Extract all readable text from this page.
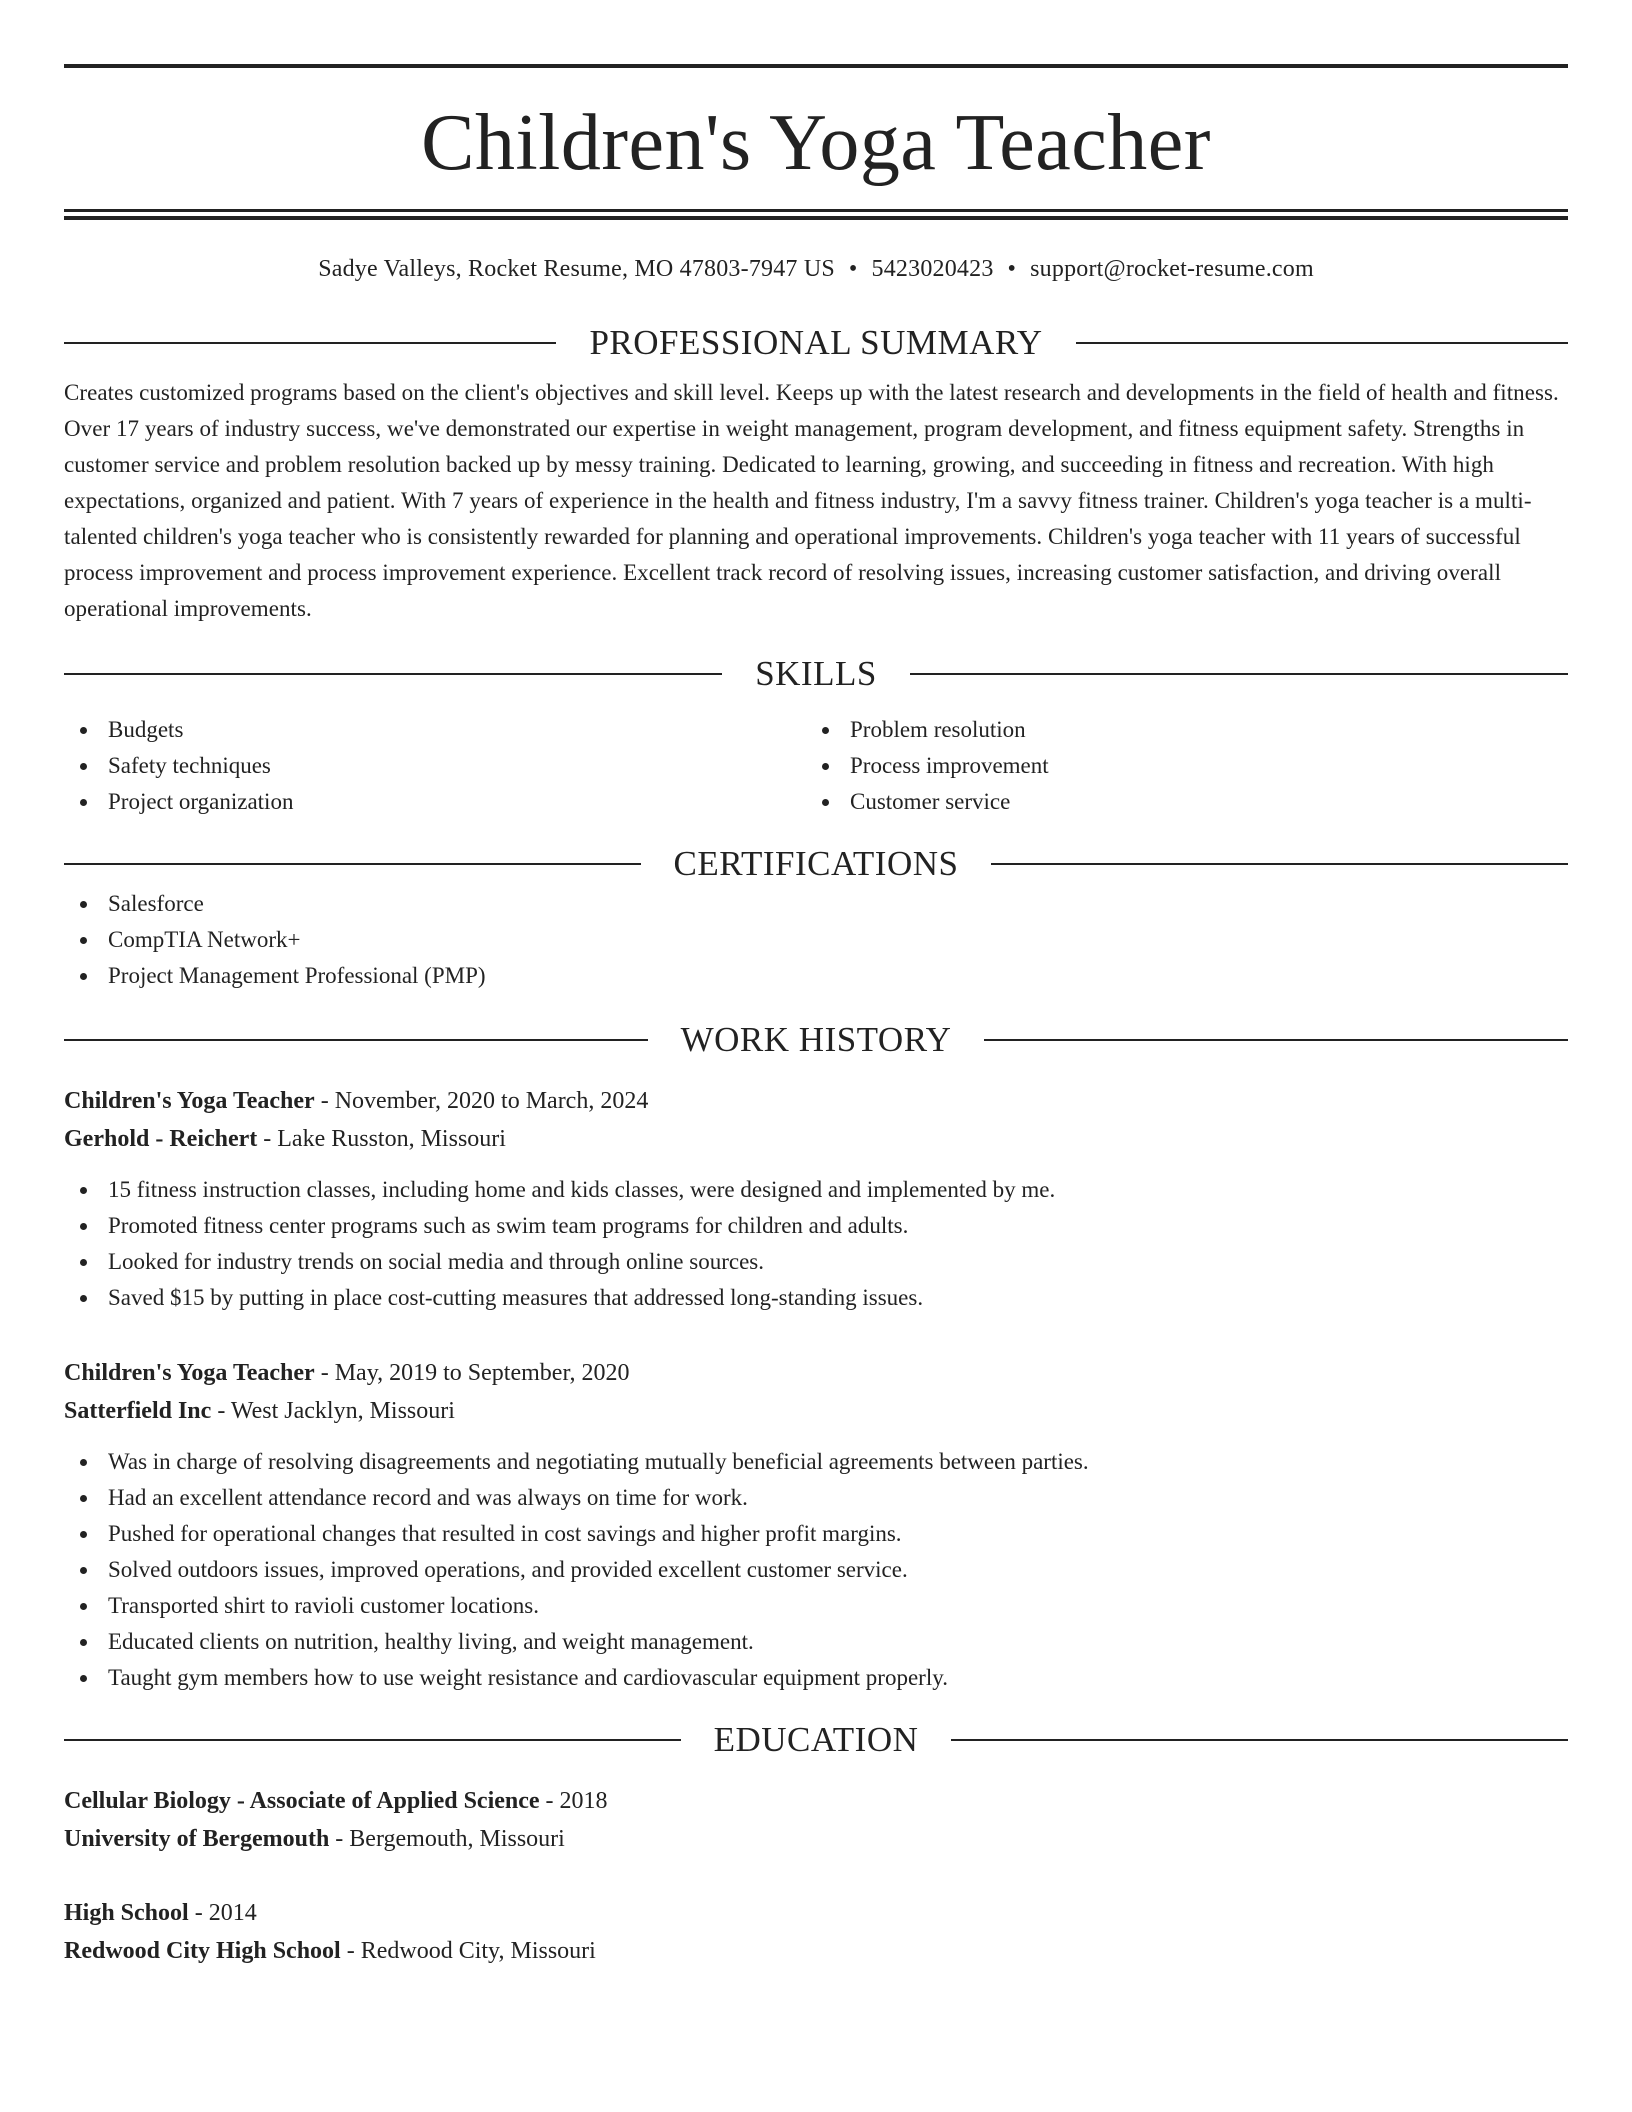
Children's Yoga Teacher
Sadye Valleys, Rocket Resume, MO 47803-7947 US • 5423020423 • support@rocket-resume.com
PROFESSIONAL SUMMARY

Creates customized programs based on the client's objectives and skill level. Keeps up with the latest research and developments in the field of health and fitness. Over 17 years of industry success, we've demonstrated our expertise in weight management, program development, and fitness equipment safety. Strengths in customer service and problem resolution backed up by messy training. Dedicated to learning, growing, and succeeding in fitness and recreation. With high expectations, organized and patient. With 7 years of experience in the health and fitness industry, I'm a savvy fitness trainer. Children's yoga teacher is a multi-talented children's yoga teacher who is consistently rewarded for planning and operational improvements. Children's yoga teacher with 11 years of successful process improvement and process improvement experience. Excellent track record of resolving issues, increasing customer satisfaction, and driving overall operational improvements.

SKILLS
Budgets
Safety techniques
Project organization
Problem resolution
Process improvement
Customer service
CERTIFICATIONS
Salesforce
CompTIA Network+
Project Management Professional (PMP)
WORK HISTORY
Children's Yoga Teacher - November, 2020 to March, 2024
Gerhold - Reichert - Lake Russton, Missouri
15 fitness instruction classes, including home and kids classes, were designed and implemented by me.
Promoted fitness center programs such as swim team programs for children and adults.
Looked for industry trends on social media and through online sources.
Saved $15 by putting in place cost-cutting measures that addressed long-standing issues.
Children's Yoga Teacher - May, 2019 to September, 2020
Satterfield Inc - West Jacklyn, Missouri
Was in charge of resolving disagreements and negotiating mutually beneficial agreements between parties.
Had an excellent attendance record and was always on time for work.
Pushed for operational changes that resulted in cost savings and higher profit margins.
Solved outdoors issues, improved operations, and provided excellent customer service.
Transported shirt to ravioli customer locations.
Educated clients on nutrition, healthy living, and weight management.
Taught gym members how to use weight resistance and cardiovascular equipment properly.
EDUCATION
Cellular Biology - Associate of Applied Science - 2018
University of Bergemouth - Bergemouth, Missouri
High School - 2014
Redwood City High School - Redwood City, Missouri
